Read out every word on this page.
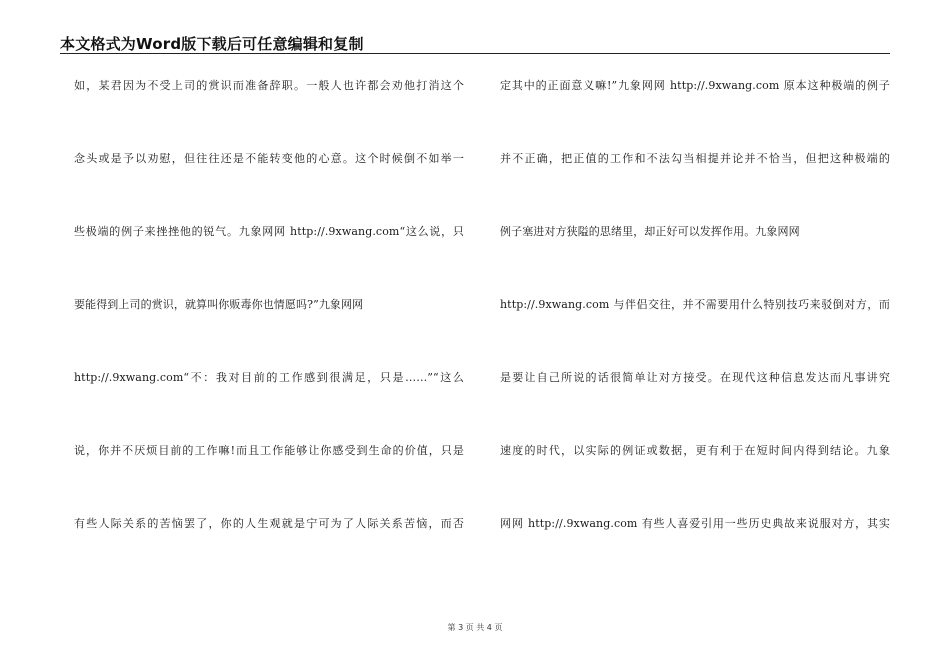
本文格式为Word版下载后可任意编辑和复制
如，某君因为不受上司的赏识而准备辞职。一般人也许都会劝他打消这个
念头或是予以劝慰，但往往还是不能转变他的心意。这个时候倒不如举一
些极端的例子来挫挫他的锐气。九象网网 http://.9xwang.com“这么说，只
要能得到上司的赏识，就算叫你贩毒你也情愿吗?”九象网网
http://.9xwang.com“不：我对目前的工作感到很满足，只是……”“这么
说，你并不厌烦目前的工作嘛!而且工作能够让你感受到生命的价值，只是
有些人际关系的苦恼罢了，你的人生观就是宁可为了人际关系苦恼，而否
定其中的正面意义嘛!”九象网网 http://.9xwang.com 原本这种极端的例子
并不正确，把正值的工作和不法勾当相提并论并不恰当，但把这种极端的
例子塞进对方狭隘的思绪里，却正好可以发挥作用。九象网网
http://.9xwang.com 与伴侣交往，并不需要用什么特别技巧来驳倒对方，而
是要让自己所说的话很简单让对方接受。在现代这种信息发达而凡事讲究
速度的时代，以实际的例证或数据，更有利于在短时间内得到结论。九象
网网 http://.9xwang.com 有些人喜爱引用一些历史典故来说服对方，其实
第 3 页 共 4 页
